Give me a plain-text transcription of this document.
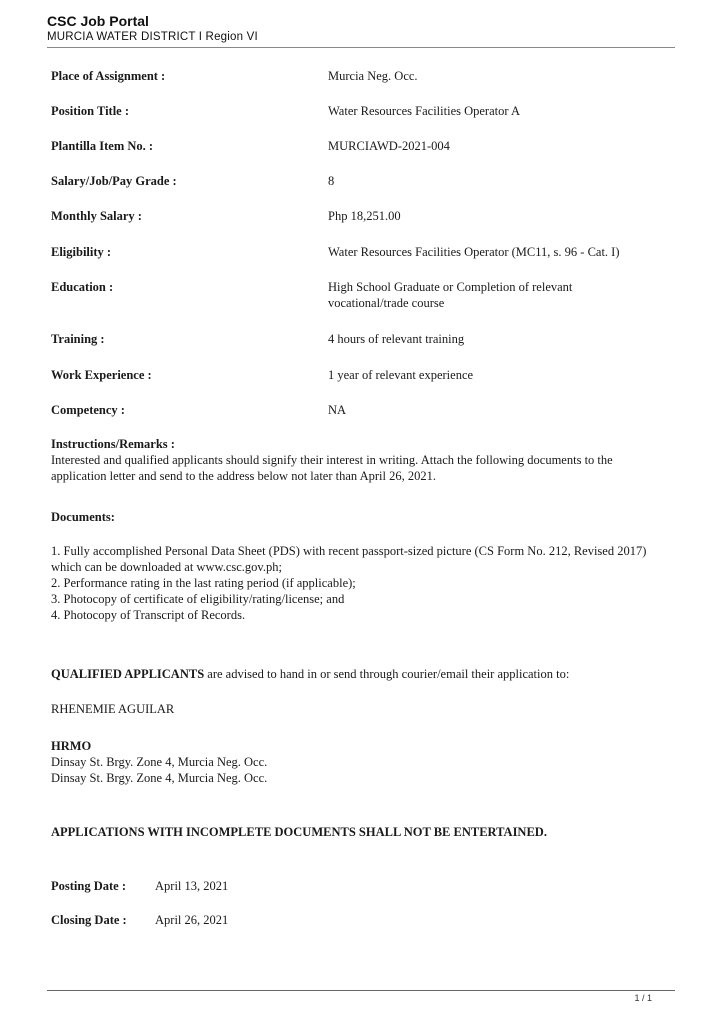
CSC Job Portal
MURCIA WATER DISTRICT I Region VI
Place of Assignment :	Murcia Neg. Occ.
Position Title :	Water Resources Facilities Operator A
Plantilla Item No. :	MURCIAWD-2021-004
Salary/Job/Pay Grade :	8
Monthly Salary :	Php 18,251.00
Eligibility :	Water Resources Facilities Operator (MC11, s. 96 - Cat. I)
Education :	High School Graduate or Completion of relevant vocational/trade course
Training :	4 hours of relevant training
Work Experience :	1 year of relevant experience
Competency :	NA
Instructions/Remarks :
Interested and qualified applicants should signify their interest in writing. Attach the following documents to the application letter and send to the address below not later than April 26, 2021.
Documents:
1. Fully accomplished Personal Data Sheet (PDS) with recent passport-sized picture (CS Form No. 212, Revised 2017) which can be downloaded at www.csc.gov.ph;
2. Performance rating in the last rating period (if applicable);
3. Photocopy of certificate of eligibility/rating/license; and
4. Photocopy of Transcript of Records.
QUALIFIED APPLICANTS are advised to hand in or send through courier/email their application to:
RHENEMIE AGUILAR
HRMO
Dinsay St. Brgy. Zone 4, Murcia Neg. Occ.
Dinsay St. Brgy. Zone 4, Murcia Neg. Occ.
APPLICATIONS WITH INCOMPLETE DOCUMENTS SHALL NOT BE ENTERTAINED.
Posting Date : April 13, 2021
Closing Date : April 26, 2021
1 / 1
